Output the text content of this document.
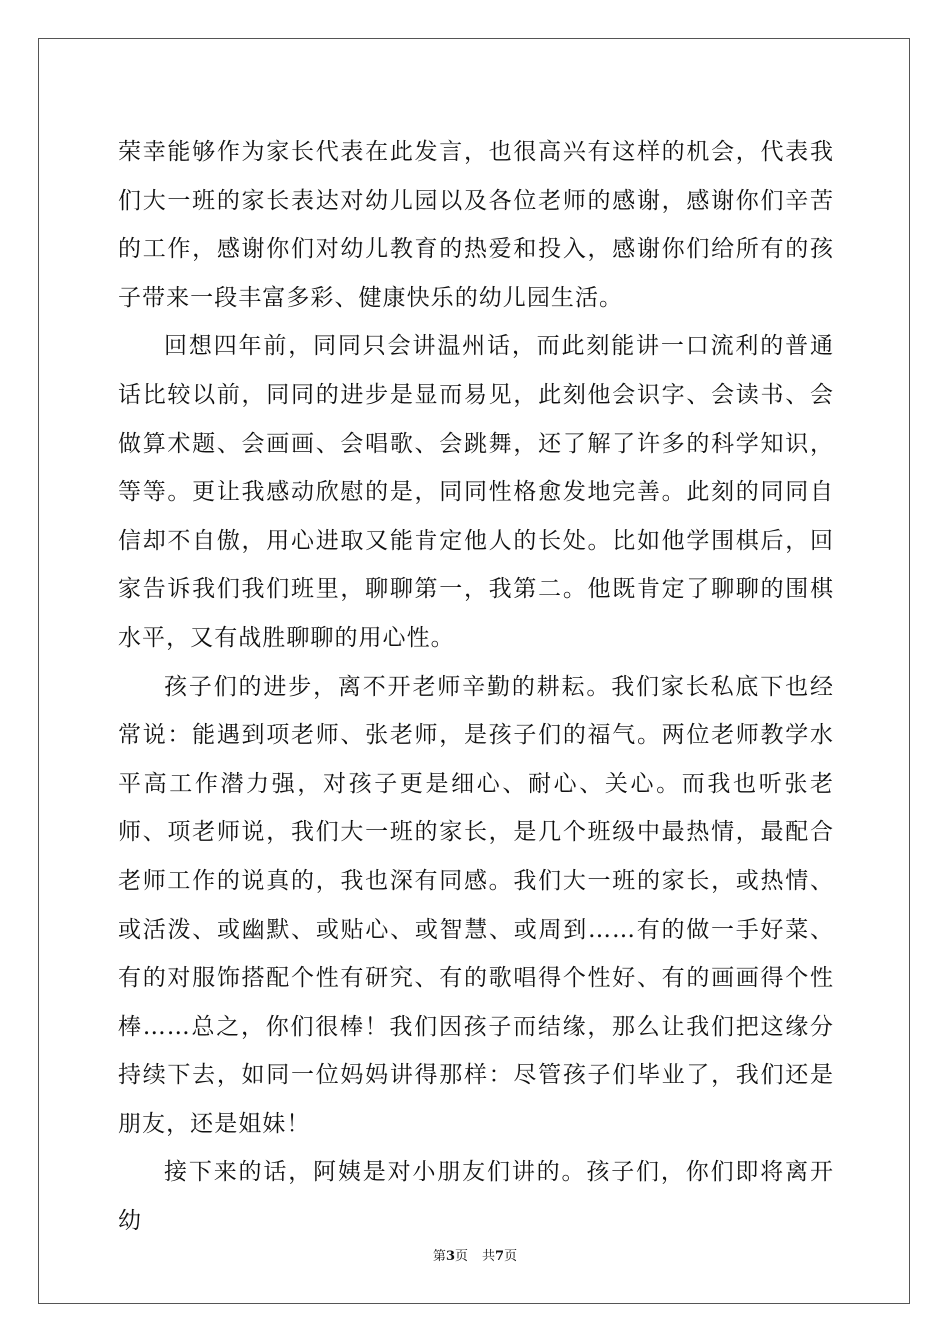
荣幸能够作为家长代表在此发言，也很高兴有这样的机会，代表我们大一班的家长表达对幼儿园以及各位老师的感谢，感谢你们辛苦的工作，感谢你们对幼儿教育的热爱和投入，感谢你们给所有的孩子带来一段丰富多彩、健康快乐的幼儿园生活。

回想四年前，同同只会讲温州话，而此刻能讲一口流利的普通话比较以前，同同的进步是显而易见，此刻他会识字、会读书、会做算术题、会画画、会唱歌、会跳舞，还了解了许多的科学知识，等等。更让我感动欣慰的是，同同性格愈发地完善。此刻的同同自信却不自傲，用心进取又能肯定他人的长处。比如他学围棋后，回家告诉我们我们班里，聊聊第一，我第二。他既肯定了聊聊的围棋水平，又有战胜聊聊的用心性。

孩子们的进步，离不开老师辛勤的耕耘。我们家长私底下也经常说：能遇到项老师、张老师，是孩子们的福气。两位老师教学水平高工作潜力强，对孩子更是细心、耐心、关心。而我也听张老师、项老师说，我们大一班的家长，是几个班级中最热情，最配合老师工作的说真的，我也深有同感。我们大一班的家长，或热情、或活泼、或幽默、或贴心、或智慧、或周到……有的做一手好菜、有的对服饰搭配个性有研究、有的歌唱得个性好、有的画画得个性棒……总之，你们很棒！我们因孩子而结缘，那么让我们把这缘分持续下去，如同一位妈妈讲得那样：尽管孩子们毕业了，我们还是朋友，还是姐妹！

接下来的话，阿姨是对小朋友们讲的。孩子们，你们即将离开幼

第3页 共7页
